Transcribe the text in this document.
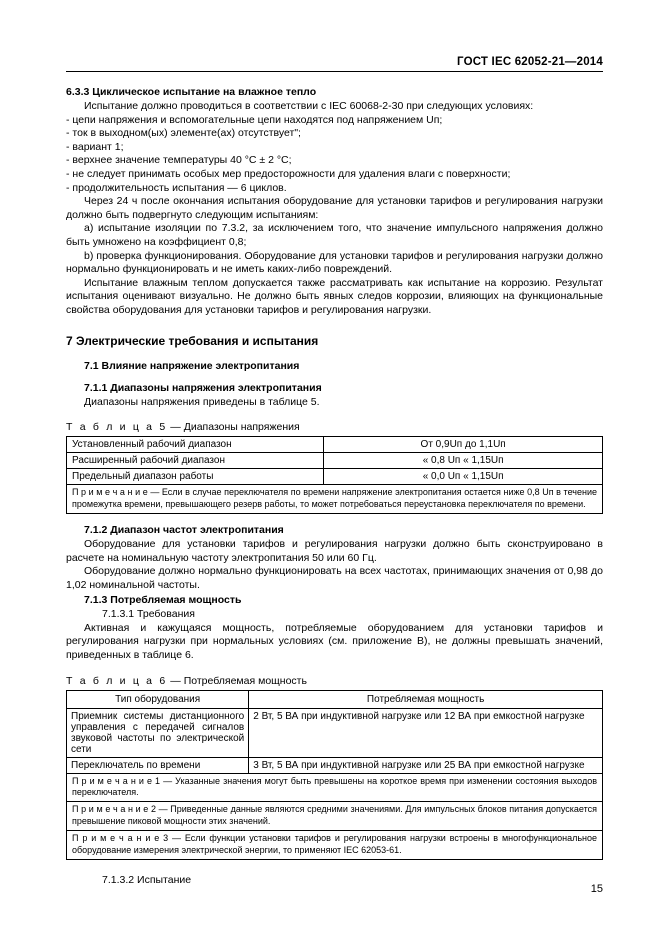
ГОСТ IEC 62052-21—2014
6.3.3 Циклическое испытание на влажное тепло

Испытание должно проводиться в соответствии с IEC 60068-2-30 при следующих условиях:

- цепи напряжения и вспомогательные цепи находятся под напряжением Uп;

- ток в выходном(ых) элементе(ах) отсутствует";

- вариант 1;

- верхнее значение температуры 40 °С ± 2 °С;

- не следует принимать особых мер предосторожности для удаления влаги с поверхности;

- продолжительность испытания — 6 циклов.

Через 24 ч после окончания испытания оборудование для установки тарифов и регулирования нагрузки должно быть подвергнуто следующим испытаниям:

a) испытание изоляции по 7.3.2, за исключением того, что значение импульсного напряжения должно быть умножено на коэффициент 0,8;

b) проверка функционирования. Оборудование для установки тарифов и регулирования нагрузки должно нормально функционировать и не иметь каких-либо повреждений.

Испытание влажным теплом допускается также рассматривать как испытание на коррозию. Результат испытания оценивают визуально. Не должно быть явных следов коррозии, влияющих на функциональные свойства оборудования для установки тарифов и регулирования нагрузки.

7 Электрические требования и испытания
7.1 Влияние напряжение электропитания
7.1.1 Диапазоны напряжения электропитания

Диапазоны напряжения приведены в таблице 5.

Т а б л и ц а 5 — Диапазоны напряжения
Установленный рабочий диапазон	От 0,9Uп до 1,1Uп
Расширенный рабочий диапазон	« 0,8 Uп « 1,15Uп
Предельный диапазон работы	« 0,0 Uп « 1,15Uп
П р и м е ч а н и е — Если в случае переключателя по времени напряжение электропитания остается ниже 0,8 Uп в течение промежутка времени, превышающего резерв работы, то может потребоваться переустановка переключателя по времени.	
7.1.2 Диапазон частот электропитания

Оборудование для установки тарифов и регулирования нагрузки должно быть сконструировано в расчете на номинальную частоту электропитания 50 или 60 Гц.

Оборудование должно нормально функционировать на всех частотах, принимающих значения от 0,98 до 1,02 номинальной частоты.

7.1.3 Потребляемая мощность

7.1.3.1 Требования

Активная и кажущаяся мощность, потребляемые оборудованием для установки тарифов и регулирования нагрузки при нормальных условиях (см. приложение В), не должны превышать значений, приведенных в таблице 6.

Т а б л и ц а 6 — Потребляемая мощность
Тип оборудования	Потребляемая мощность
Приемник системы дистанционного управления с передачей сигналов звуковой частоты по электрической сети	2 Вт, 5 ВА при индуктивной нагрузке или 12 ВА при емкостной нагрузке
Переключатель по времени	3 Вт, 5 ВА при индуктивной нагрузке или 25 ВА при емкостной нагрузке
П р и м е ч а н и е 1 — Указанные значения могут быть превышены на короткое время при изменении состояния выходов переключателя.	
П р и м е ч а н и е 2 — Приведенные данные являются средними значениями. Для импульсных блоков питания допускается превышение пиковой мощности этих значений.	
П р и м е ч а н и е 3 — Если функции установки тарифов и регулирования нагрузки встроены в многофункциональное оборудование измерения электрической энергии, то применяют IEC 62053-61.	

7.1.3.2 Испытание

15
